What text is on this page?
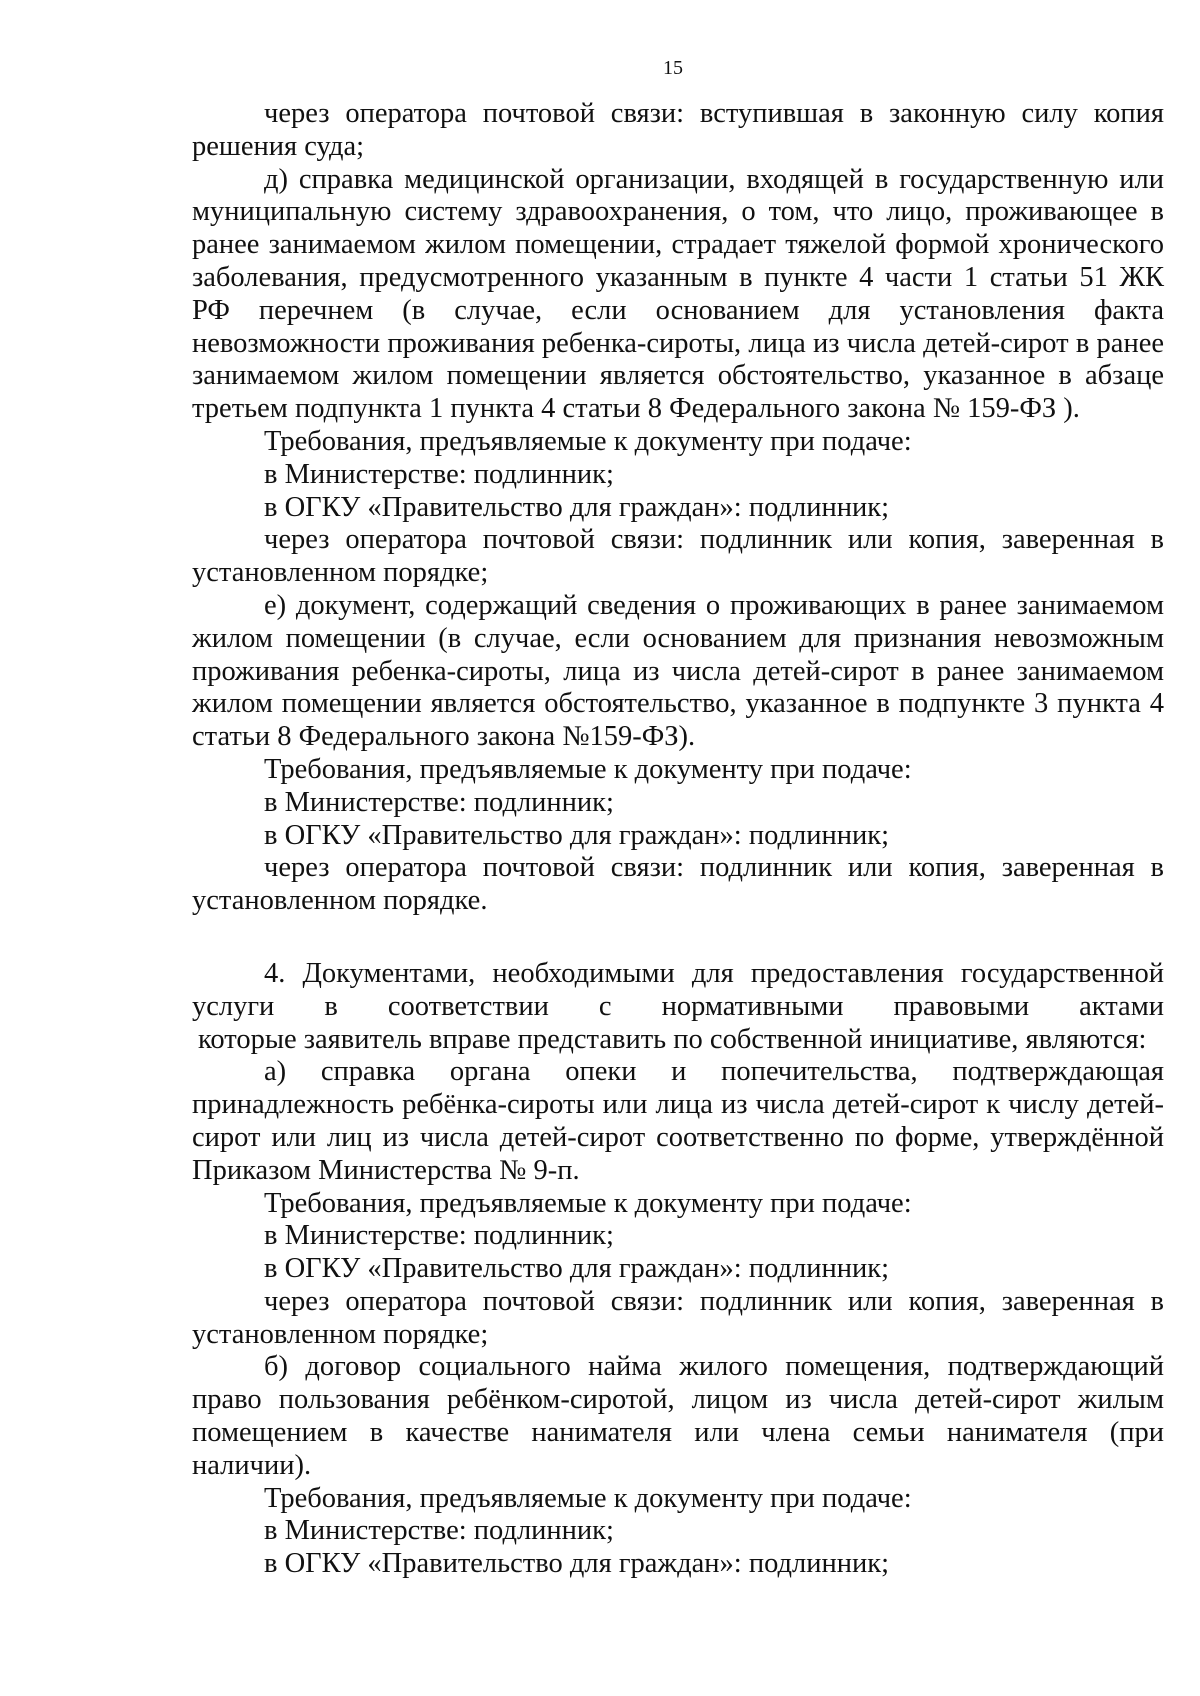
15

через оператора почтовой связи: вступившая в законную силу копия решения суда;

д) справка медицинской организации, входящей в государственную или муниципальную систему здравоохранения, о том, что лицо, проживающее в ранее занимаемом жилом помещении, страдает тяжелой формой хронического заболевания, предусмотренного указанным в пункте 4 части 1 статьи 51 ЖК РФ перечнем (в случае, если основанием для установления факта невозможности проживания ребенка-сироты, лица из числа детей-сирот в ранее занимаемом жилом помещении является обстоятельство, указанное в абзаце третьем подпункта 1 пункта 4 статьи 8 Федерального закона № 159-ФЗ ).

Требования, предъявляемые к документу при подаче:

в Министерстве: подлинник;

в ОГКУ «Правительство для граждан»: подлинник;

через оператора почтовой связи: подлинник или копия, заверенная в установленном порядке;

е) документ, содержащий сведения о проживающих в ранее занимаемом жилом помещении (в случае, если основанием для признания невозможным проживания ребенка-сироты, лица из числа детей-сирот в ранее занимаемом жилом помещении является обстоятельство, указанное в подпункте 3 пункта 4 статьи 8 Федерального закона №159-ФЗ).

Требования, предъявляемые к документу при подаче:

в Министерстве: подлинник;

в ОГКУ «Правительство для граждан»: подлинник;

через оператора почтовой связи: подлинник или копия, заверенная в установленном порядке.

4. Документами, необходимыми для предоставления государственной услуги в соответствии с нормативными правовыми актами

которые заявитель вправе представить по собственной инициативе, являются:

а) справка органа опеки и попечительства, подтверждающая принадлежность ребёнка-сироты или лица из числа детей-сирот к числу детей-сирот или лиц из числа детей-сирот соответственно по форме, утверждённой Приказом Министерства № 9-п.

Требования, предъявляемые к документу при подаче:

в Министерстве: подлинник;

в ОГКУ «Правительство для граждан»: подлинник;

через оператора почтовой связи: подлинник или копия, заверенная в установленном порядке;

б) договор социального найма жилого помещения, подтверждающий право пользования ребёнком-сиротой, лицом из числа детей-сирот жилым помещением в качестве нанимателя или члена семьи нанимателя (при наличии).

Требования, предъявляемые к документу при подаче:

в Министерстве: подлинник;

в ОГКУ «Правительство для граждан»: подлинник;
